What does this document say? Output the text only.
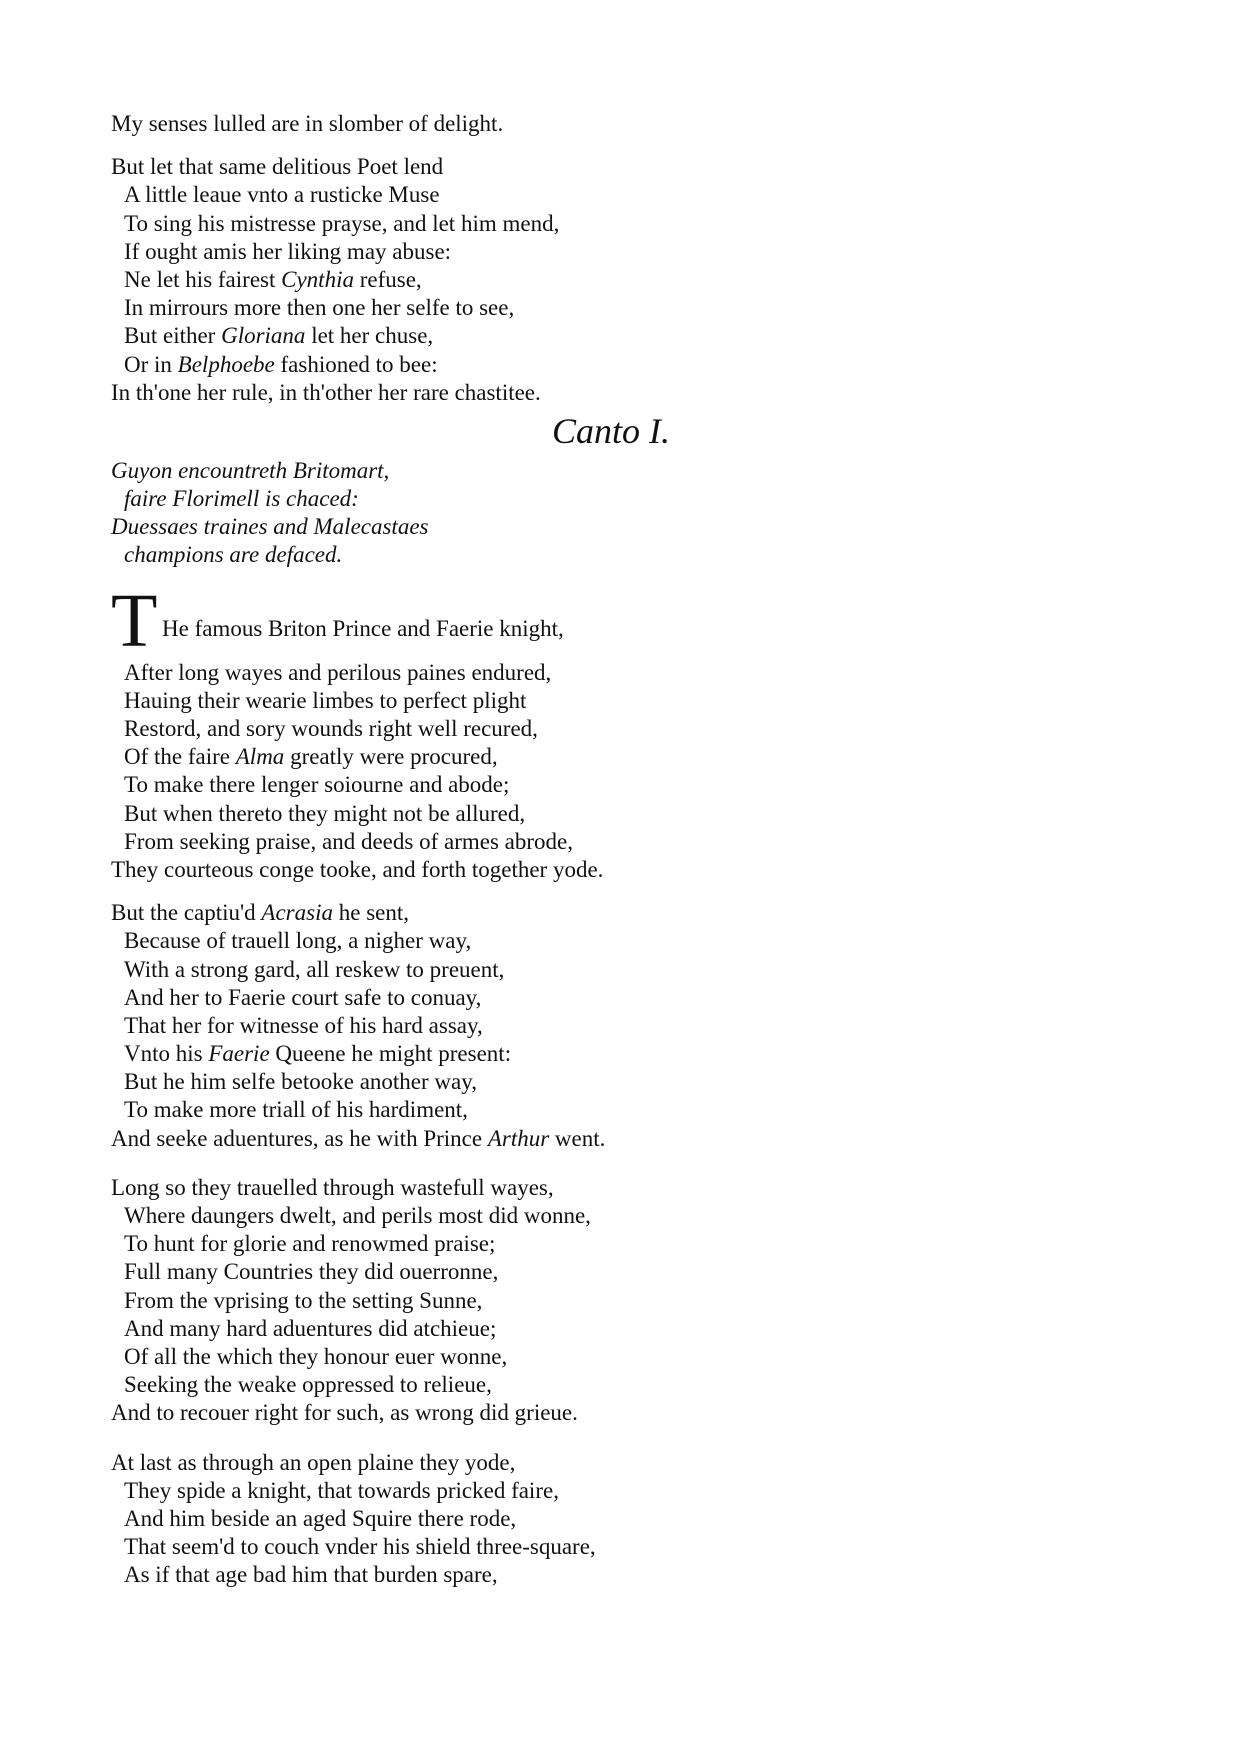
My senses lulled are in slomber of delight.
But let that same delitious Poet lend
A little leaue vnto a rusticke Muse
To sing his mistresse prayse, and let him mend,
If ought amis her liking may abuse:
Ne let his fairest Cynthia refuse,
In mirrours more then one her selfe to see,
But either Gloriana let her chuse,
Or in Belphoebe fashioned to bee:
In th'one her rule, in th'other her rare chastitee.
Canto I.
Guyon encountreth Britomart,
faire Florimell is chaced:
Duessaes traines and Malecastaes
champions are defaced.
T He famous Briton Prince and Faerie knight,
After long wayes and perilous paines endured,
Hauing their wearie limbes to perfect plight
Restord, and sory wounds right well recured,
Of the faire Alma greatly were procured,
To make there lenger soiourne and abode;
But when thereto they might not be allured,
From seeking praise, and deeds of armes abrode,
They courteous conge tooke, and forth together yode.
But the captiu'd Acrasia he sent,
Because of trauell long, a nigher way,
With a strong gard, all reskew to preuent,
And her to Faerie court safe to conuay,
That her for witnesse of his hard assay,
Vnto his Faerie Queene he might present:
But he him selfe betooke another way,
To make more triall of his hardiment,
And seeke aduentures, as he with Prince Arthur went.
Long so they trauelled through wastefull wayes,
Where daungers dwelt, and perils most did wonne,
To hunt for glorie and renowmed praise;
Full many Countries they did ouerronne,
From the vprising to the setting Sunne,
And many hard aduentures did atchieue;
Of all the which they honour euer wonne,
Seeking the weake oppressed to relieue,
And to recouer right for such, as wrong did grieue.
At last as through an open plaine they yode,
They spide a knight, that towards pricked faire,
And him beside an aged Squire there rode,
That seem'd to couch vnder his shield three-square,
As if that age bad him that burden spare,
